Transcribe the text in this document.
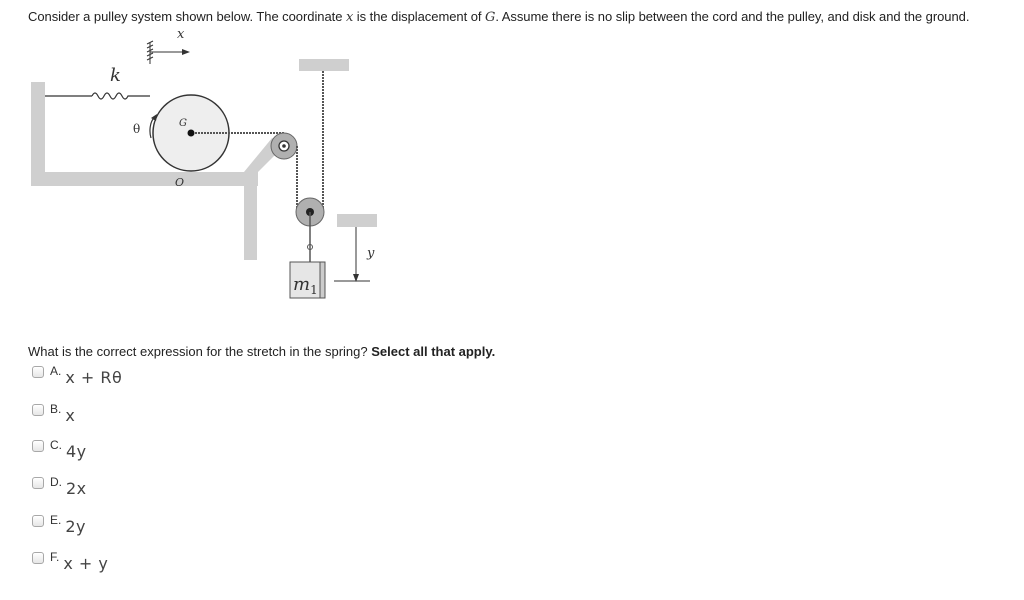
Consider a pulley system shown below. The coordinate x is the displacement of G. Assume there is no slip between the cord and the pulley, and disk and the ground.
x
k
G
O
θ
$m_1$
y
What is the correct expression for the stretch in the spring? Select all that apply.
A. x + Rθ
B. x
C. 4y
D. 2x
E. 2y
F. x + y
